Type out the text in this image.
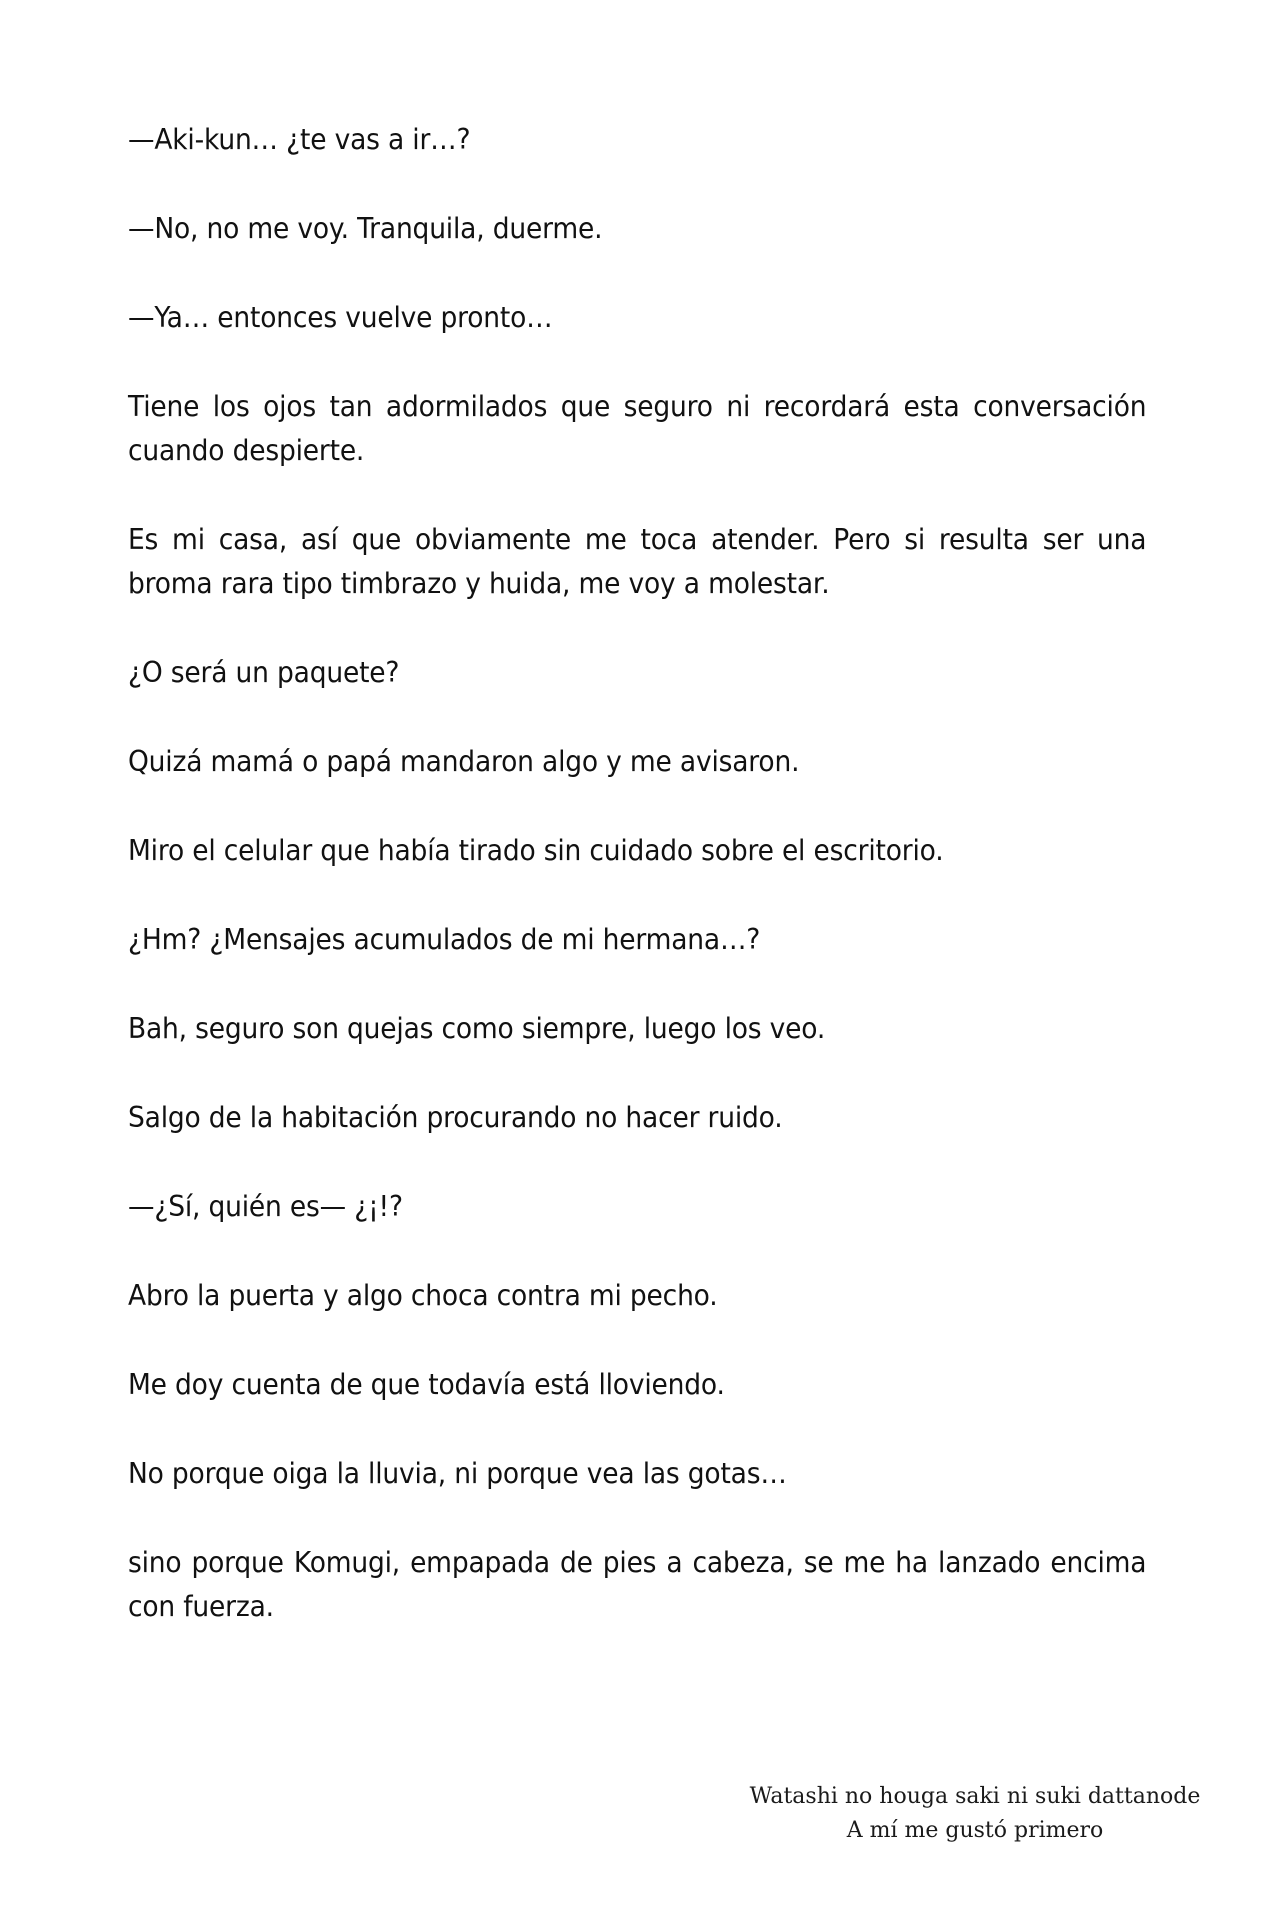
—Aki-kun… ¿te vas a ir…?

—No, no me voy. Tranquila, duerme.

—Ya… entonces vuelve pronto…

Tiene los ojos tan adormilados que seguro ni recordará esta conversación cuando despierte.

Es mi casa, así que obviamente me toca atender. Pero si resulta ser una broma rara tipo timbrazo y huida, me voy a molestar.

¿O será un paquete?

Quizá mamá o papá mandaron algo y me avisaron.

Miro el celular que había tirado sin cuidado sobre el escritorio.

¿Hm? ¿Mensajes acumulados de mi hermana…?

Bah, seguro son quejas como siempre, luego los veo.

Salgo de la habitación procurando no hacer ruido.

—¿Sí, quién es— ¿¡!?

Abro la puerta y algo choca contra mi pecho.

Me doy cuenta de que todavía está lloviendo.

No porque oiga la lluvia, ni porque vea las gotas…

sino porque Komugi, empapada de pies a cabeza, se me ha lanzado encima con fuerza.

Watashi no houga saki ni suki dattanode
A mí me gustó primero
